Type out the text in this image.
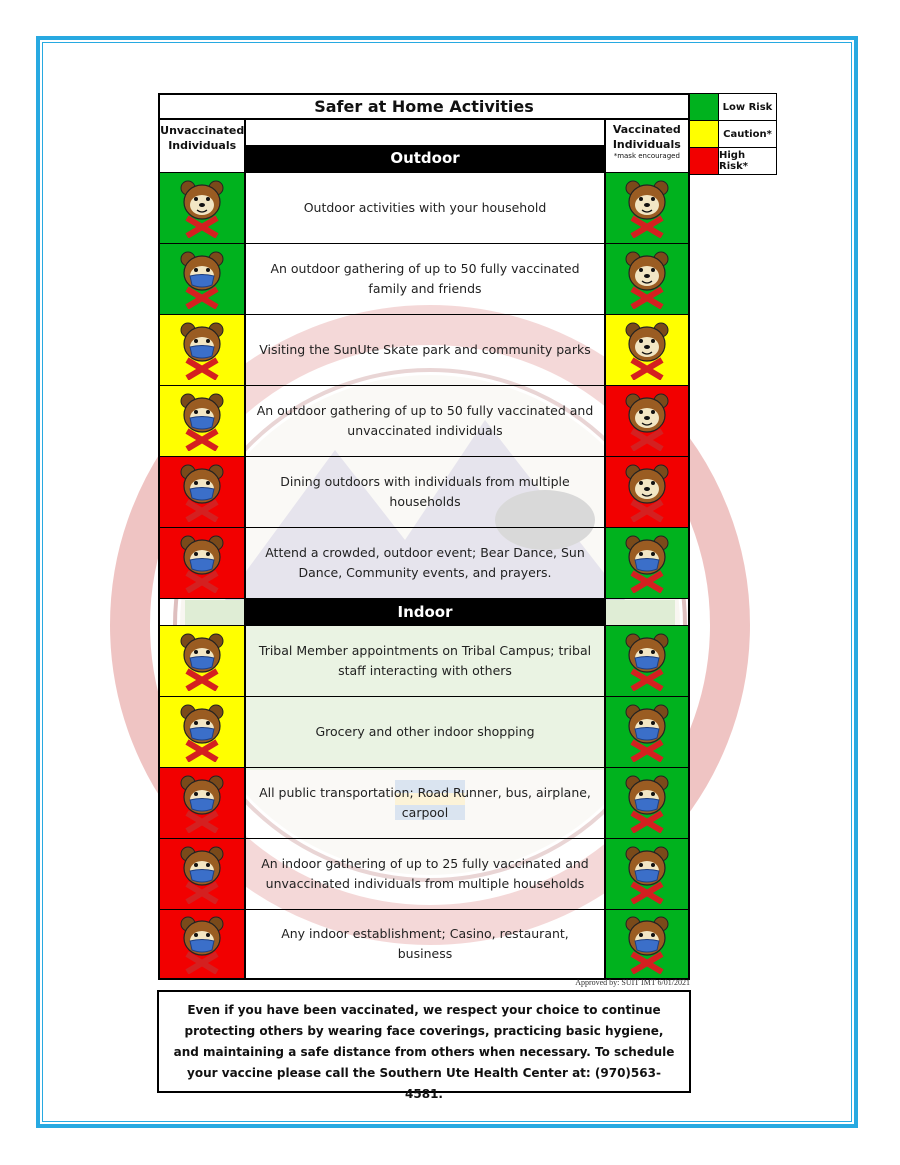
Safer at Home Activities
Unvaccinated Individuals
Outdoor
Vaccinated
Individuals
*mask encouraged
Outdoor activities with your household
An outdoor gathering of up to 50 fully vaccinated family and friends
Visiting the SunUte Skate park and community parks
An outdoor gathering of up to 50 fully vaccinated and unvaccinated individuals
Dining outdoors with individuals from multiple households
Attend a crowded, outdoor event; Bear Dance, Sun Dance, Community events, and prayers.
Indoor
Tribal Member appointments on Tribal Campus; tribal staff interacting with others
Grocery and other indoor shopping
All public transportation; Road Runner, bus, airplane, carpool
An indoor gathering of up to 25 fully vaccinated and unvaccinated individuals from multiple households
Any indoor establishment; Casino, restaurant, business
Low Risk
Caution*
High Risk*
Approved by: SUIT IMT 6/01/2021
Even if you have been vaccinated, we respect your choice to continue protecting others by wearing face coverings, practicing basic hygiene, and maintaining a safe distance from others when necessary. To schedule your vaccine please call the Southern Ute Health Center at: (970)563-4581.
